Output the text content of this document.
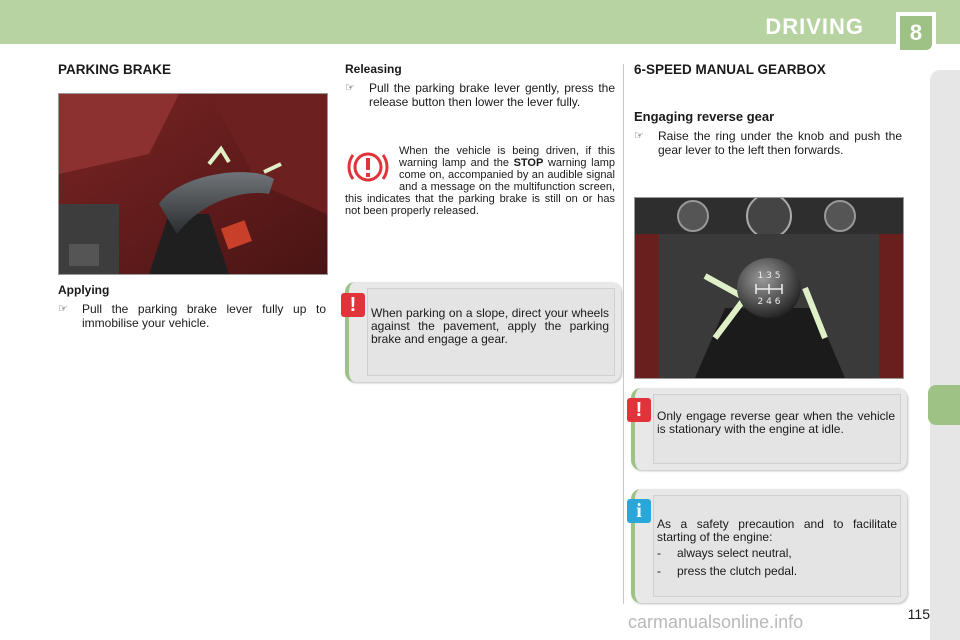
DRIVING	8
PARKING BRAKE
Applying
☞ Pull the parking brake lever fully up to immobilise your vehicle.
Releasing
☞ Pull the parking brake lever gently, press the release button then lower the lever fully.
When the vehicle is being driven, if this warning lamp and the STOP warning lamp come on, accompanied by an audible signal and a message on the multifunction screen, this indicates that the parking brake is still on or has not been properly released.
!	When parking on a slope, direct your wheels against the pavement, apply the parking brake and engage a gear.
6-SPEED MANUAL GEARBOX
Engaging reverse gear
☞ Raise the ring under the knob and push the gear lever to the left then forwards.
1 3 5
2 4 6
!	Only engage reverse gear when the vehicle is stationary with the engine at idle.
i
As a safety precaution and to facilitate starting of the engine:
- always select neutral,
- press the clutch pedal.
115
carmanualsonline.info
